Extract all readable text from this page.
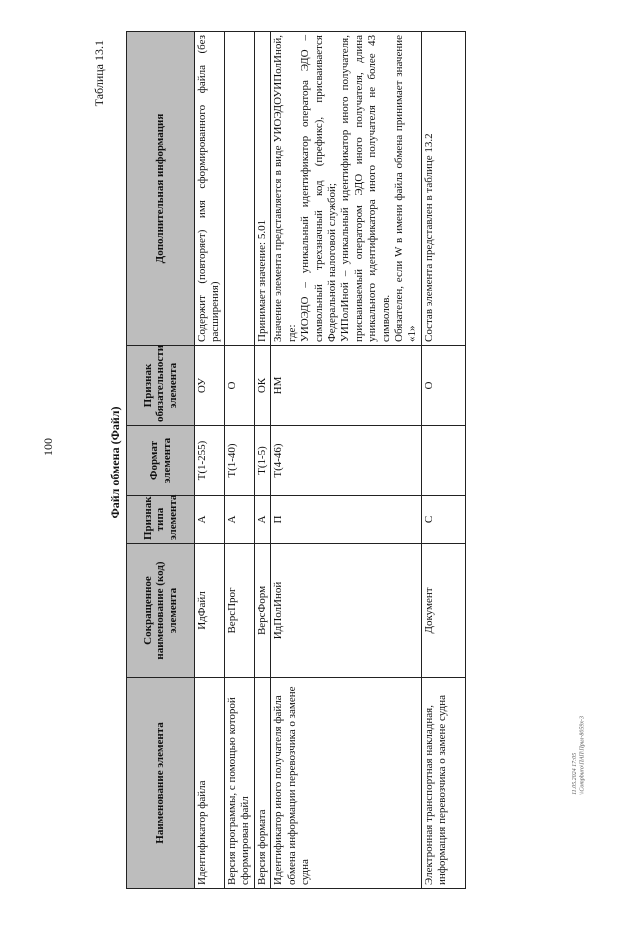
100
11.05.2024 17:05 \\Compburo\ПАП\Прил-8059х-3
Таблица 13.1
Файл обмена (Файл)
Наименование элемента	Сокращенное наименование (код) элемента	Признак типа элемента	Формат элемента	Признак обязательности элемента	Дополнительная информация
Идентификатор файла	ИдФайл	А	T(1-255)	ОУ	Содержит (повторяет) имя сформированного файла (без расширения)

Версия программы, с помощью которой сформирован файл	ВерсПрог	А	T(1-40)	О	
Версия формата	ВерсФорм	А	T(1-5)	ОК	Принимает значение: 5.01

Идентификатор иного получателя файла обмена информации перевозчика о замене судна	ИдПолИной	П	T(4-46)	НМ	Значение элемента представляется в виде УИОЭДОУИПолИной, где: УИОЭДО – уникальный идентификатор оператора ЭДО – символьный трехзначный код (префикс), присваивается Федеральной налоговой службой; УИПолИной – уникальный идентификатор иного получателя, присваиваемый оператором ЭДО иного получателя, длина уникального идентификатора иного получателя не более 43 символов. Обязателен, если W в имени файла обмена принимает значение «1»

Электронная транспортная накладная, информация перевозчика о замене судна	Документ	С		О	Состав элемента представлен в таблице 13.2
